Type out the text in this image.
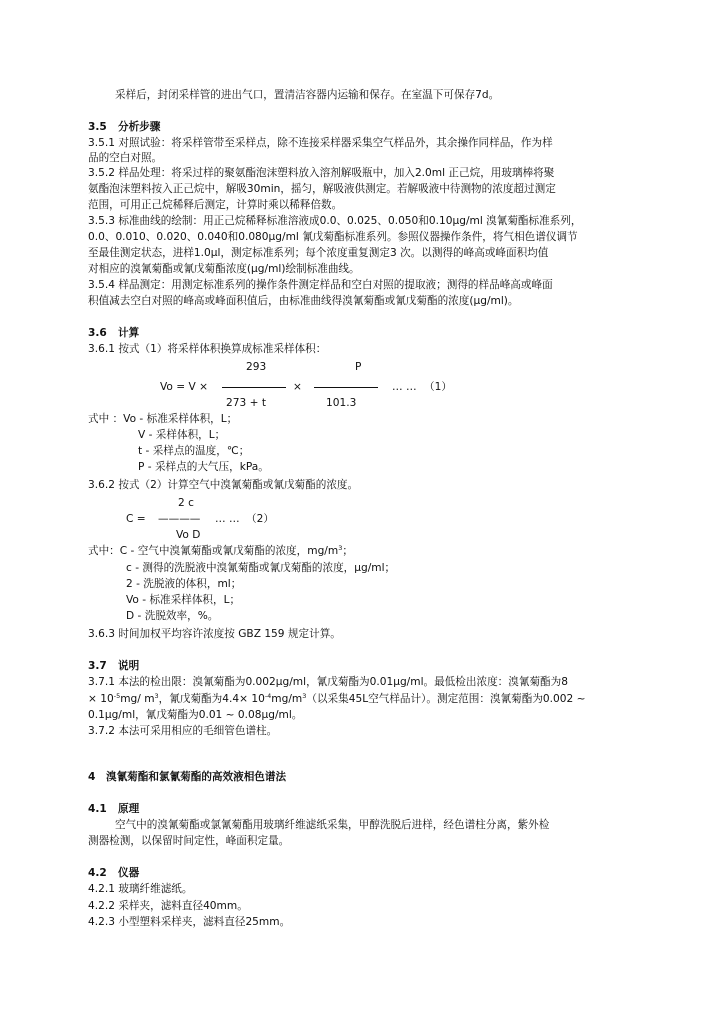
采样后，封闭采样管的进出气口，置清洁容器内运输和保存。在室温下可保存7d。
3.5 分析步骤
3.5.1 对照试验：将采样管带至采样点，除不连接采样器采集空气样品外，其余操作同样品，作为样
品的空白对照。
3.5.2 样品处理：将采过样的聚氨酯泡沫塑料放入溶剂解吸瓶中，加入2.0ml 正己烷，用玻璃棒将聚
氨酯泡沫塑料按入正己烷中，解吸30min，摇匀，解吸液供测定。若解吸液中待测物的浓度超过测定
范围，可用正己烷稀释后测定，计算时乘以稀释倍数。
3.5.3 标准曲线的绘制：用正己烷稀释标准溶液成0.0、0.025、0.050和0.10μg/ml 溴氰菊酯标准系列，
0.0、0.010、0.020、0.040和0.080μg/ml 氰戊菊酯标准系列。参照仪器操作条件，将气相色谱仪调节
至最佳测定状态，进样1.0μl，测定标准系列；每个浓度重复测定3 次。以测得的峰高或峰面积均值
对相应的溴氰菊酯或氰戊菊酯浓度(μg/ml)绘制标准曲线。
3.5.4 样品测定：用测定标准系列的操作条件测定样品和空白对照的提取液；测得的样品峰高或峰面
积值减去空白对照的峰高或峰面积值后，由标准曲线得溴氰菊酯或氰戊菊酯的浓度(μg/ml)。
3.6 计算
3.6.1 按式（1）将采样体积换算成标准采样体积：
293	P
Vo = V ×	×	… … （1）
273 + t	101.3
式中 ：Vo - 标准采样体积，L；
V - 采样体积，L；
t - 采样点的温度，℃；
P - 采样点的大气压，kPa。
3.6.2 按式（2）计算空气中溴氰菊酯或氰戊菊酯的浓度。
2 c
C = ———— … … （2）
Vo D
式中：C - 空气中溴氰菊酯或氰戊菊酯的浓度，$mg/m^3$；
c - 测得的洗脱液中溴氰菊酯或氰戊菊酯的浓度，μg/ml；
2 - 洗脱液的体积，ml；
Vo - 标准采样体积，L；
D - 洗脱效率，%。
3.6.3 时间加权平均容许浓度按 GBZ 159 规定计算。
3.7 说明
3.7.1 本法的检出限：溴氰菊酯为0.002μg/ml，氰戊菊酯为0.01μg/ml。最低检出浓度：溴氰菊酯为8
× $10^{-5}mg/$ $m^3$，氰戊菊酯为$4.4\times 10^{-4}mg/m^3$（以采集45L空气样品计）。测定范围：溴氰菊酯为0.002 ~
0.1μg/ml，氰戊菊酯为0.01 ~ 0.08μg/ml。
3.7.2 本法可采用相应的毛细管色谱柱。
4 溴氰菊酯和氯氰菊酯的高效液相色谱法
4.1 原理
空气中的溴氰菊酯或氯氰菊酯用玻璃纤维滤纸采集，甲醇洗脱后进样，经色谱柱分离，紫外检
测器检测，以保留时间定性，峰面积定量。
4.2 仪器
4.2.1 玻璃纤维滤纸。
4.2.2 采样夹，滤料直径40mm。
4.2.3 小型塑料采样夹，滤料直径25mm。
